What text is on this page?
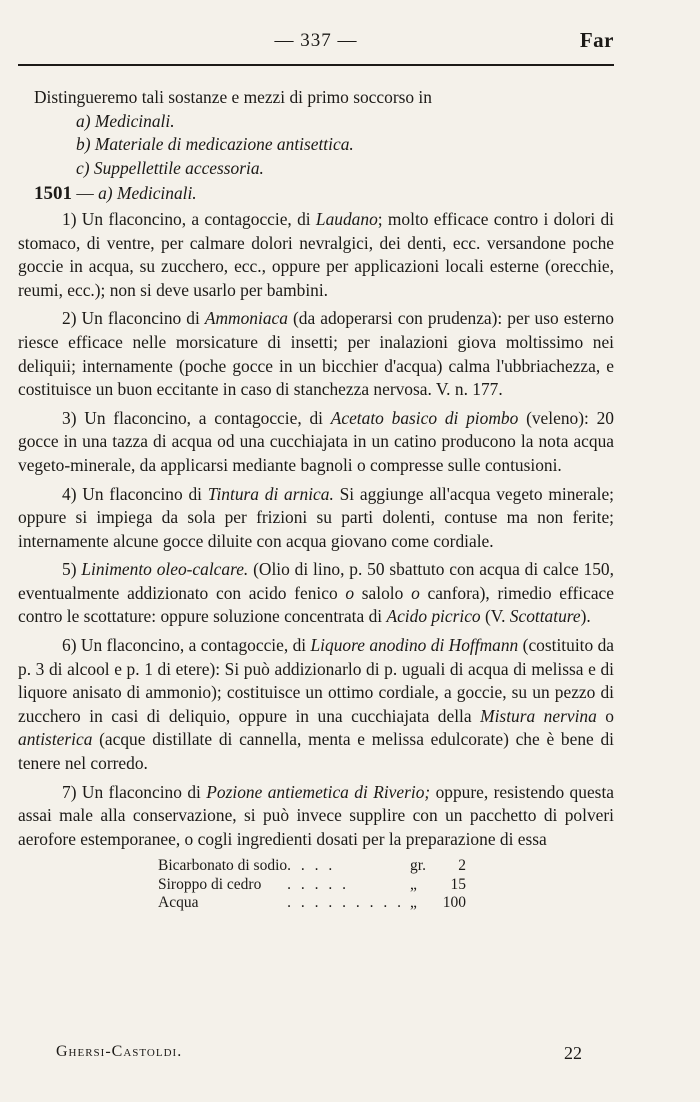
— 337 —	Far

Distingueremo tali sostanze e mezzi di primo soccorso in

a) Medicinali.

b) Materiale di medicazione antisettica.

c) Suppellettile accessoria.

1501 — a) Medicinali.

1) Un flaconcino, a contagoccie, di Laudano; molto efficace contro i dolori di stomaco, di ventre, per calmare dolori nevralgici, dei denti, ecc. versandone poche goccie in acqua, su zucchero, ecc., oppure per applicazioni locali esterne (orecchie, reumi, ecc.); non si deve usarlo per bambini.

2) Un flaconcino di Ammoniaca (da adoperarsi con prudenza): per uso esterno riesce efficace nelle morsicature di insetti; per inalazioni giova moltissimo nei deliquii; internamente (poche gocce in un bicchier d'acqua) calma l'ubbriachezza, e costituisce un buon eccitante in caso di stanchezza nervosa. V. n. 177.

3) Un flaconcino, a contagoccie, di Acetato basico di piombo (veleno): 20 gocce in una tazza di acqua od una cucchiajata in un catino producono la nota acqua vegeto-minerale, da applicarsi mediante bagnoli o compresse sulle contusioni.

4) Un flaconcino di Tintura di arnica. Si aggiunge all'acqua vegeto minerale; oppure si impiega da sola per frizioni su parti dolenti, contuse ma non ferite; internamente alcune gocce diluite con acqua giovano come cordiale.

5) Linimento oleo-calcare. (Olio di lino, p. 50 sbattuto con acqua di calce 150, eventualmente addizionato con acido fenico o salolo o canfora), rimedio efficace contro le scottature: oppure soluzione concentrata di Acido picrico (V. Scottature).

6) Un flaconcino, a contagoccie, di Liquore anodino di Hoffmann (costituito da p. 3 di alcool e p. 1 di etere): Si può addizionarlo di p. uguali di acqua di melissa e di liquore anisato di ammonio); costituisce un ottimo cordiale, a goccie, su un pezzo di zucchero in casi di deliquio, oppure in una cucchiajata della Mistura nervina o antisterica (acque distillate di cannella, menta e melissa edulcorate) che è bene di tenere nel corredo.

7) Un flaconcino di Pozione antiemetica di Riverio; oppure, resistendo questa assai male alla conservazione, si può invece supplire con un pacchetto di polveri aerofore estemporanee, o cogli ingredienti dosati per la preparazione di essa

Bicarbonato di sodio	. . . .	gr.	2
Siroppo di cedro	. . . . .	„	15
Acqua	. . . . . . . . .	„	100
Ghersi-Castoldi.	22
